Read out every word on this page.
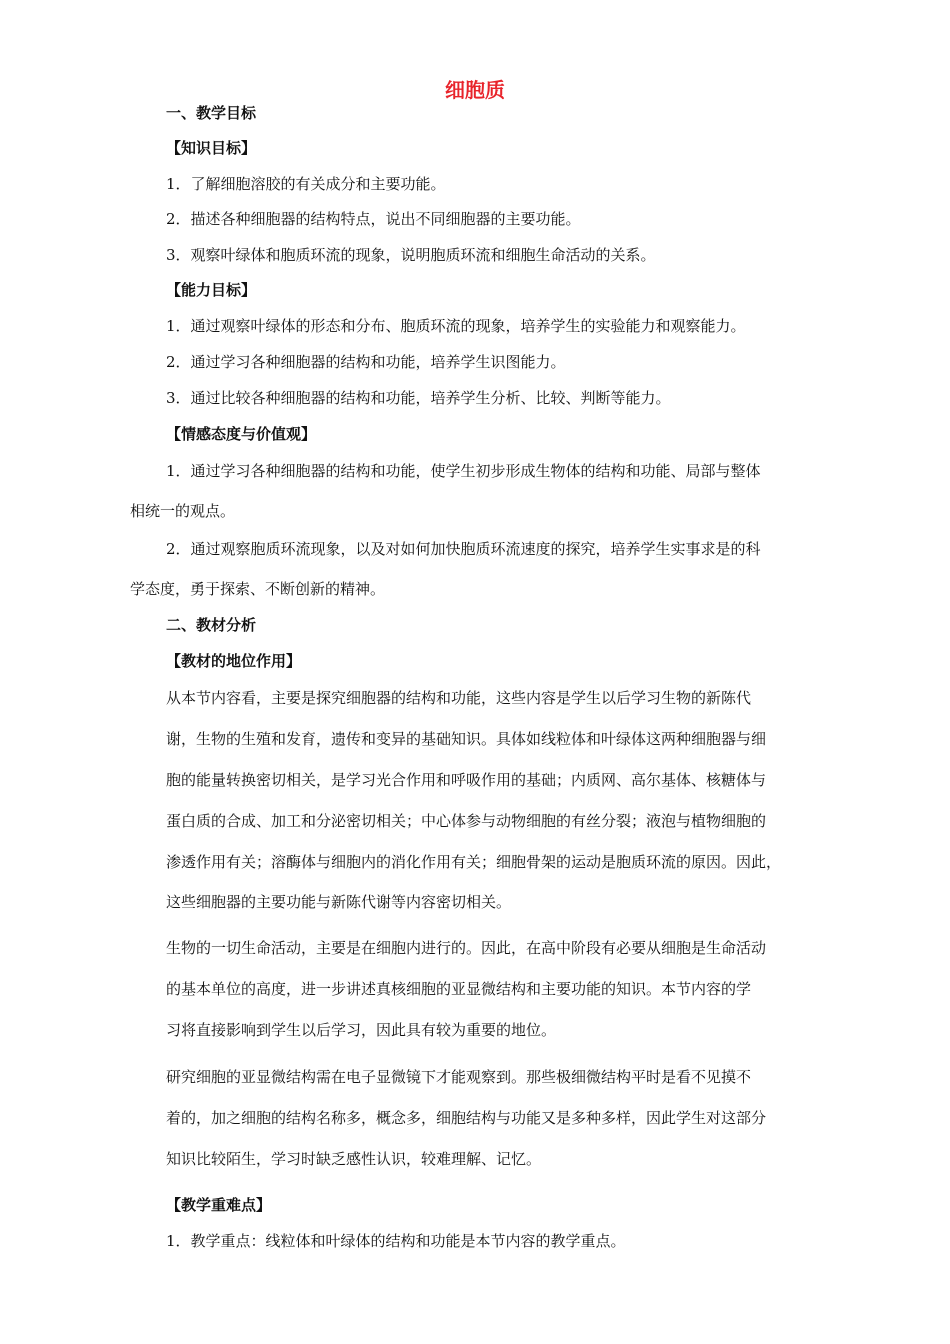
细胞质
一、教学目标
【知识目标】
1．了解细胞溶胶的有关成分和主要功能。
2．描述各种细胞器的结构特点，说出不同细胞器的主要功能。
3．观察叶绿体和胞质环流的现象，说明胞质环流和细胞生命活动的关系。
【能力目标】
1．通过观察叶绿体的形态和分布、胞质环流的现象，培养学生的实验能力和观察能力。
2．通过学习各种细胞器的结构和功能，培养学生识图能力。
3．通过比较各种细胞器的结构和功能，培养学生分析、比较、判断等能力。
【情感态度与价值观】
1．通过学习各种细胞器的结构和功能，使学生初步形成生物体的结构和功能、局部与整体
相统一的观点。
2．通过观察胞质环流现象，以及对如何加快胞质环流速度的探究，培养学生实事求是的科
学态度，勇于探索、不断创新的精神。
二、教材分析
【教材的地位作用】
从本节内容看，主要是探究细胞器的结构和功能，这些内容是学生以后学习生物的新陈代
谢，生物的生殖和发育，遗传和变异的基础知识。具体如线粒体和叶绿体这两种细胞器与细
胞的能量转换密切相关，是学习光合作用和呼吸作用的基础；内质网、高尔基体、核糖体与
蛋白质的合成、加工和分泌密切相关；中心体参与动物细胞的有丝分裂；液泡与植物细胞的
渗透作用有关；溶酶体与细胞内的消化作用有关；细胞骨架的运动是胞质环流的原因。因此，
这些细胞器的主要功能与新陈代谢等内容密切相关。
生物的一切生命活动，主要是在细胞内进行的。因此，在高中阶段有必要从细胞是生命活动
的基本单位的高度，进一步讲述真核细胞的亚显微结构和主要功能的知识。本节内容的学
习将直接影响到学生以后学习，因此具有较为重要的地位。
研究细胞的亚显微结构需在电子显微镜下才能观察到。那些极细微结构平时是看不见摸不
着的，加之细胞的结构名称多，概念多，细胞结构与功能又是多种多样，因此学生对这部分
知识比较陌生，学习时缺乏感性认识，较难理解、记忆。
【教学重难点】
1．教学重点：线粒体和叶绿体的结构和功能是本节内容的教学重点。
